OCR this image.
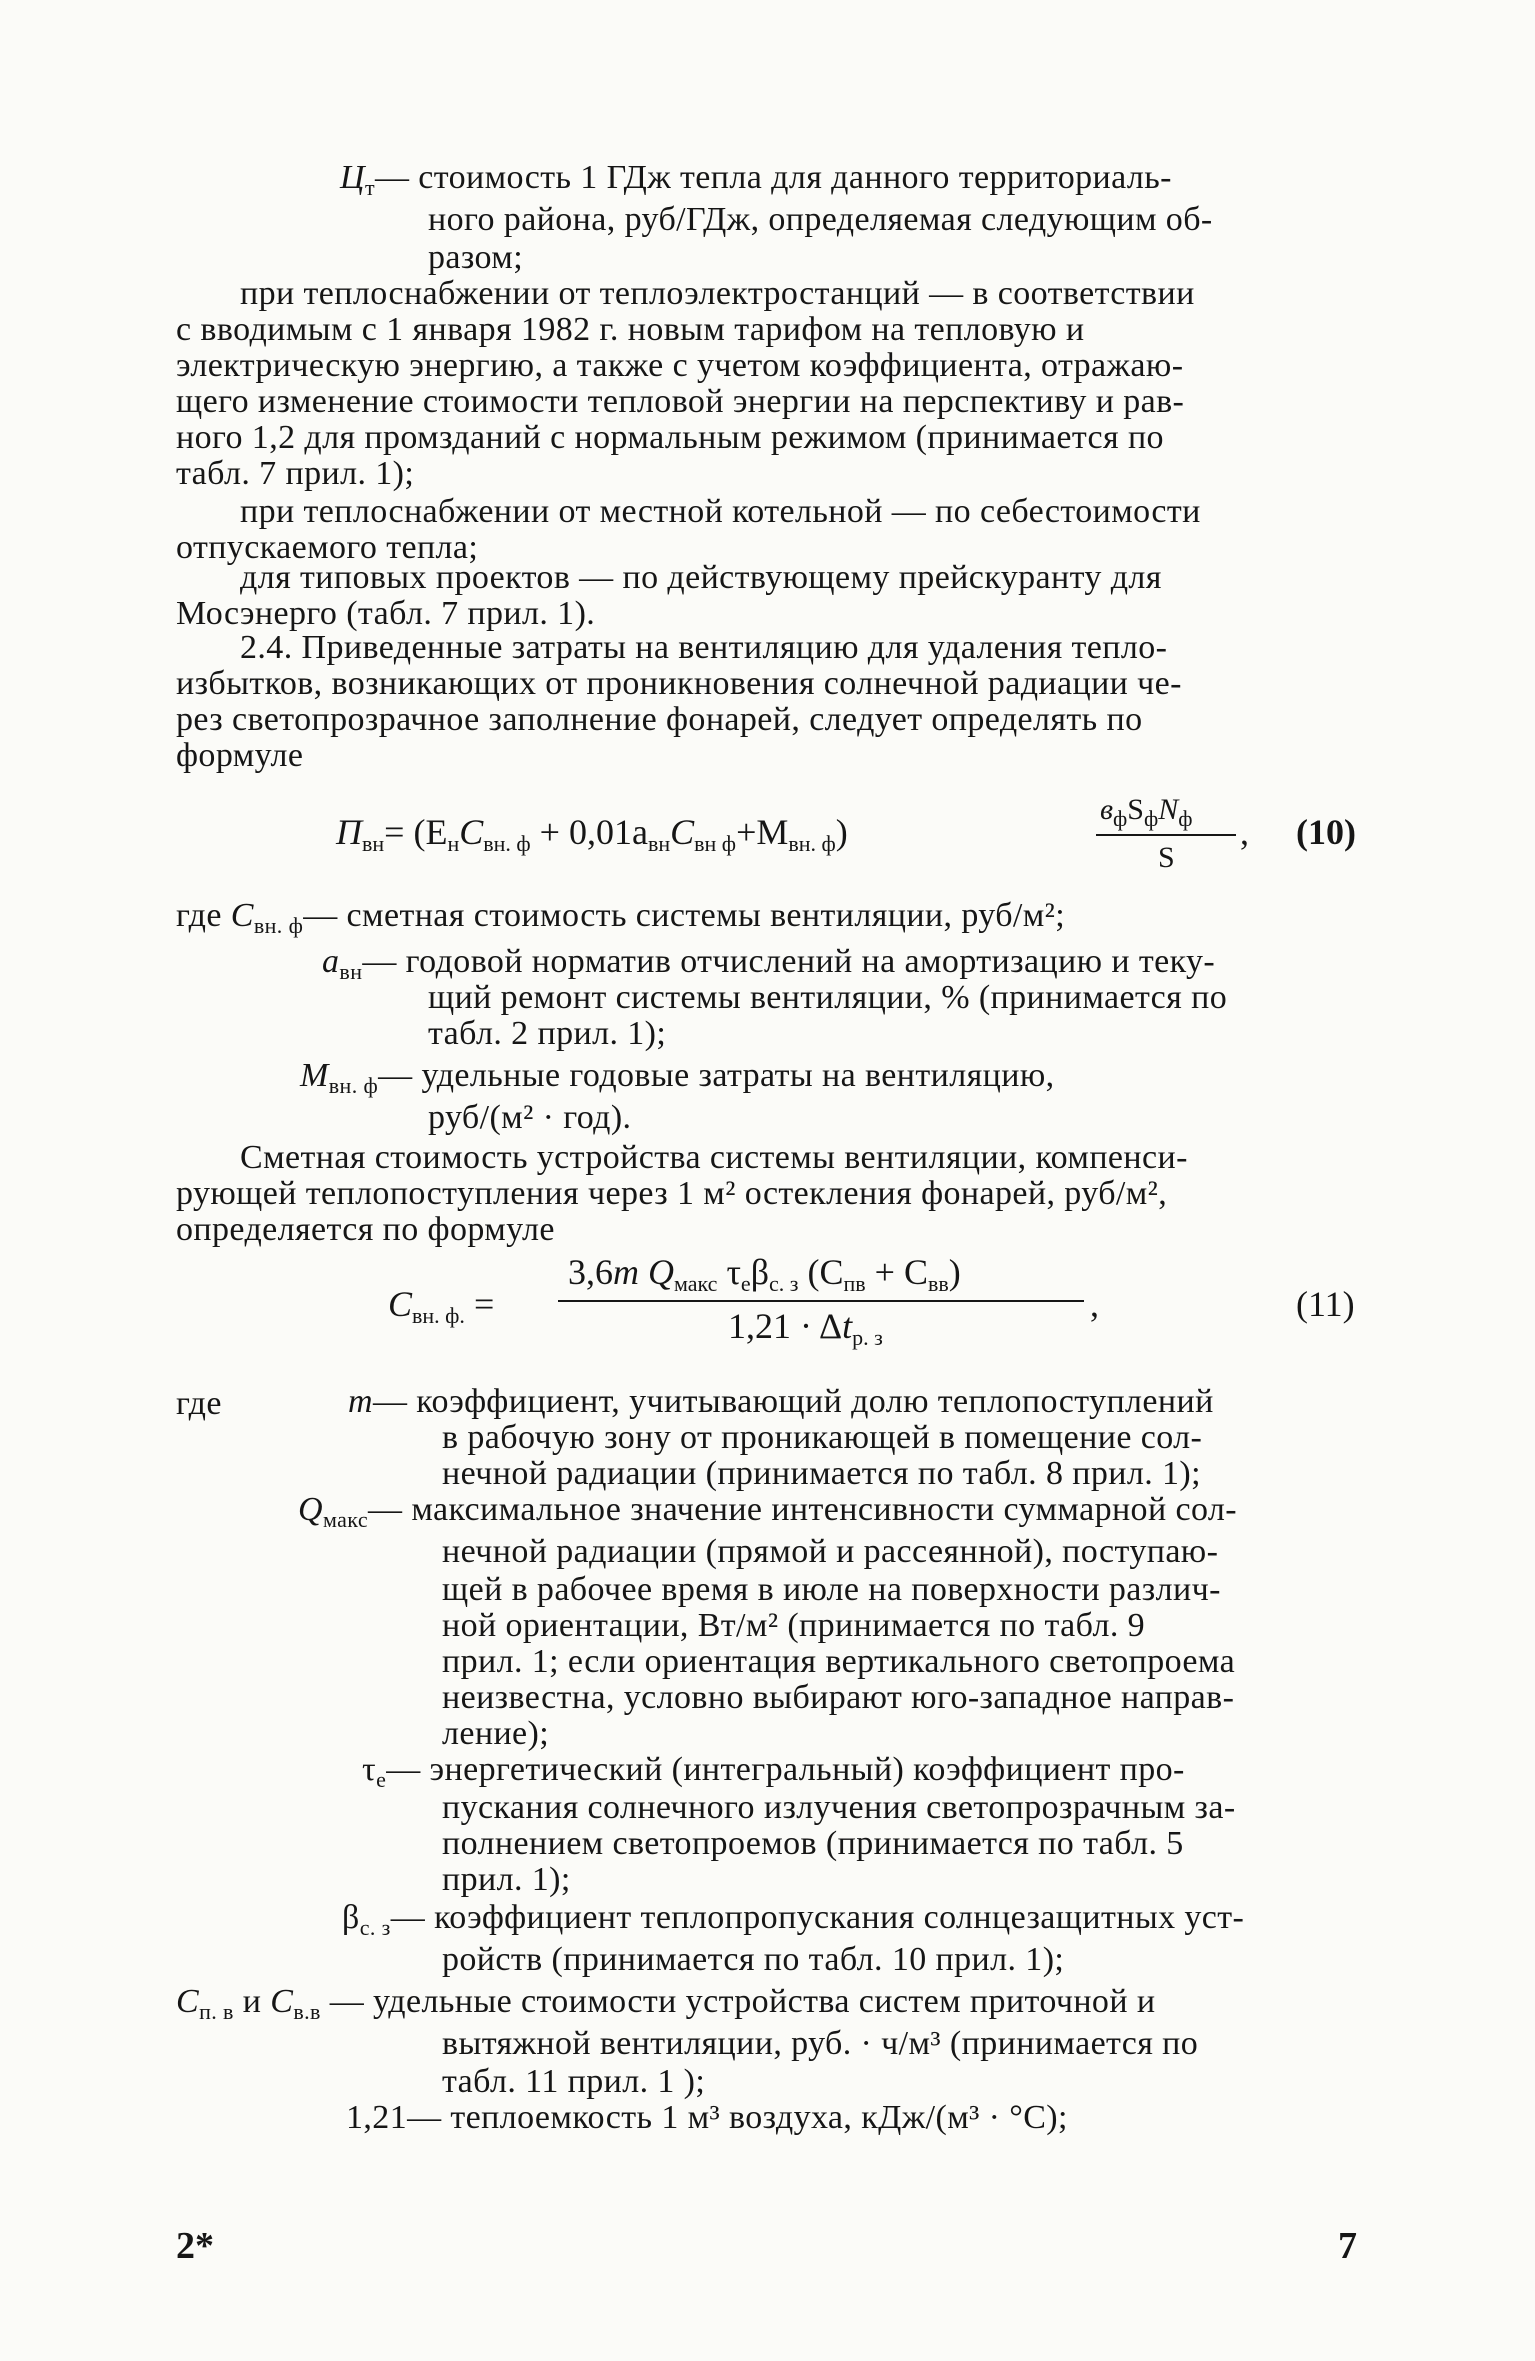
$Ц_т—$ стоимость 1 ГДж тепла для данного территориаль-
ного района, руб/ГДж, определяемая следующим об-
разом;
при теплоснабжении от теплоэлектростанций — в соответствии
с вводимым с 1 января 1982 г. новым тарифом на тепловую и
электрическую энергию, а также с учетом коэффициента, отражаю-
щего изменение стоимости тепловой энергии на перспективу и рав-
ного 1,2 для промзданий с нормальным режимом (принимается по
табл. 7 прил. 1);
при теплоснабжении от местной котельной — по себестоимости
отпускаемого тепла;
для типовых проектов — по действующему прейскуранту для
Мосэнерго (табл. 7 прил. 1).
2.4. Приведенные затраты на вентиляцию для удаления тепло-
избытков, возникающих от проникновения солнечной радиации че-
рез светопрозрачное заполнение фонарей, следует определять по
формуле
$П_{вн}= (Е_нС_{вн. ф} + 0,01а_{вн}С_{вн ф}+М_{вн. ф})$
$в_фS_фN_ф$
S
, (10)
где $С_{вн. ф}—$ сметная стоимость системы вентиляции, руб/м²;
$а_{вн}—$ годовой норматив отчислений на амортизацию и теку-
щий ремонт системы вентиляции, % (принимается по
табл. 2 прил. 1);
$М_{вн. ф}—$ удельные годовые затраты на вентиляцию,
руб/(м² · год).
Сметная стоимость устройства системы вентиляции, компенси-
рующей теплопоступления через 1 м² остекления фонарей, руб/м²,
определяется по формуле
$С_{вн. ф.}$ =
3,6m $Q_{макс}$ $\tau_e\beta_{с. з}$ $(С_{пв} + С_{вв})$
$1,21 \cdot \Delta t_{р. з}$
,	(11)
где	m— коэффициент, учитывающий долю теплопоступлений
в рабочую зону от проникающей в помещение сол-
нечной радиации (принимается по табл. 8 прил. 1);
$Q_{макс}—$ максимальное значение интенсивности суммарной сол-
нечной радиации (прямой и рассеянной), поступаю-
щей в рабочее время в июле на поверхности различ-
ной ориентации, Вт/м² (принимается по табл. 9
прил. 1; если ориентация вертикального светопроема
неизвестна, условно выбирают юго-западное направ-
ление);
$\tau_e—$ энергетический (интегральный) коэффициент про-
пускания солнечного излучения светопрозрачным за-
полнением светопроемов (принимается по табл. 5
прил. 1);
$\beta_{с. з}—$ коэффициент теплопропускания солнцезащитных уст-
ройств (принимается по табл. 10 прил. 1);
$С_{п. в}$ и $С_{в.в}$ — удельные стоимости устройства систем приточной и
вытяжной вентиляции, руб. · ч/м³ (принимается по
табл. 11 прил. 1 );
1,21— теплоемкость 1 м³ воздуха, кДж/(м³ · °С);
2*	7
